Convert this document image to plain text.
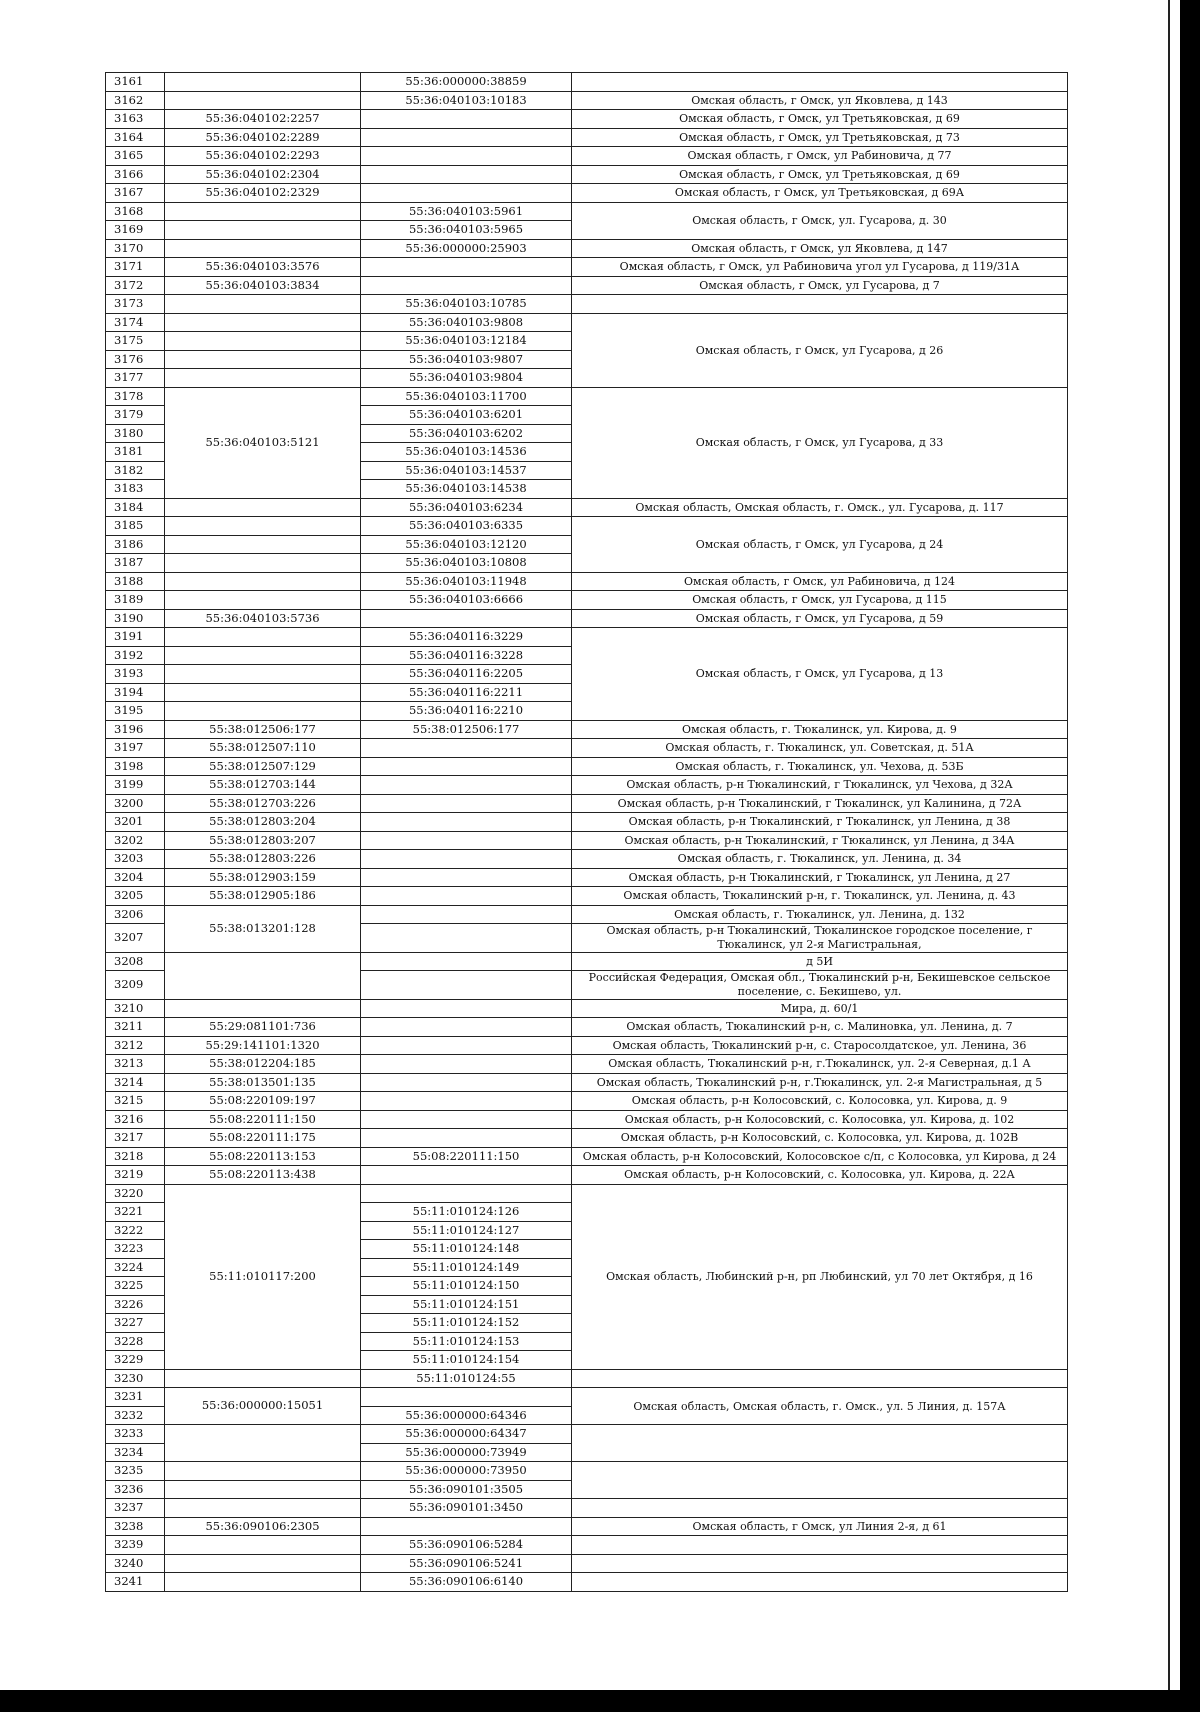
3161		55:36:000000:38859	
3162		55:36:040103:10183	Омская область, г Омск, ул Яковлева, д 143
3163	55:36:040102:2257		Омская область, г Омск, ул Третьяковская, д 69
3164	55:36:040102:2289		Омская область, г Омск, ул Третьяковская, д 73
3165	55:36:040102:2293		Омская область, г Омск, ул Рабиновича, д 77
3166	55:36:040102:2304		Омская область, г Омск, ул Третьяковская, д 69
3167	55:36:040102:2329		Омская область, г Омск, ул Третьяковская, д 69А
3168		55:36:040103:5961	Омская область, г Омск, ул. Гусарова, д. 30
3169		55:36:040103:5965	
3170		55:36:000000:25903	Омская область, г Омск, ул Яковлева, д 147
3171	55:36:040103:3576		Омская область, г Омск, ул Рабиновича угол ул Гусарова, д 119/31А
3172	55:36:040103:3834		Омская область, г Омск, ул Гусарова, д 7
3173		55:36:040103:10785	
3174		55:36:040103:9808	Омская область, г Омск, ул Гусарова, д 26
3175		55:36:040103:12184	
3176		55:36:040103:9807	
3177		55:36:040103:9804	
3178	55:36:040103:5121	55:36:040103:11700	Омская область, г Омск, ул Гусарова, д 33
3179		55:36:040103:6201	
3180		55:36:040103:6202	
3181		55:36:040103:14536	
3182		55:36:040103:14537	
3183		55:36:040103:14538	
3184		55:36:040103:6234	Омская область, Омская область, г. Омск., ул. Гусарова, д. 117
3185		55:36:040103:6335	Омская область, г Омск, ул Гусарова, д 24
3186		55:36:040103:12120	
3187		55:36:040103:10808	
3188		55:36:040103:11948	Омская область, г Омск, ул Рабиновича, д 124
3189		55:36:040103:6666	Омская область, г Омск, ул Гусарова, д 115
3190	55:36:040103:5736		Омская область, г Омск, ул Гусарова, д 59
3191		55:36:040116:3229	Омская область, г Омск, ул Гусарова, д 13
3192		55:36:040116:3228	
3193		55:36:040116:2205	
3194		55:36:040116:2211	
3195		55:36:040116:2210	
3196	55:38:012506:177	55:38:012506:177	Омская область, г. Тюкалинск, ул. Кирова, д. 9
3197	55:38:012507:110		Омская область, г. Тюкалинск, ул. Советская, д. 51А
3198	55:38:012507:129		Омская область, г. Тюкалинск, ул. Чехова, д. 53Б
3199	55:38:012703:144		Омская область, р-н Тюкалинский, г Тюкалинск, ул Чехова, д 32А
3200	55:38:012703:226		Омская область, р-н Тюкалинский, г Тюкалинск, ул Калинина, д 72А
3201	55:38:012803:204		Омская область, р-н Тюкалинский, г Тюкалинск, ул Ленина, д 38
3202	55:38:012803:207		Омская область, р-н Тюкалинский, г Тюкалинск, ул Ленина, д 34А
3203	55:38:012803:226		Омская область, г. Тюкалинск, ул. Ленина, д. 34
3204	55:38:012903:159		Омская область, р-н Тюкалинский, г Тюкалинск, ул Ленина, д 27
3205	55:38:012905:186		Омская область, Тюкалинский р-н, г. Тюкалинск, ул. Ленина, д. 43
3206	55:38:013201:128		Омская область, г. Тюкалинск, ул. Ленина, д. 132
3207			Омская область, р-н Тюкалинский, Тюкалинское городское поселение, г Тюкалинск, ул 2-я Магистральная,
3208			д 5И
3209			Российская Федерация, Омская обл., Тюкалинский р-н, Бекишевское сельское поселение, с. Бекишево, ул.
3210			Мира, д. 60/1
3211	55:29:081101:736		Омская область, Тюкалинский р-н, с. Малиновка, ул. Ленина, д. 7
3212	55:29:141101:1320		Омская область, Тюкалинский р-н, с. Старосолдатское, ул. Ленина, 36
3213	55:38:012204:185		Омская область, Тюкалинский р-н, г.Тюкалинск, ул. 2-я Северная, д.1 А
3214	55:38:013501:135		Омская область, Тюкалинский р-н, г.Тюкалинск, ул. 2-я Магистральная, д 5
3215	55:08:220109:197		Омская область, р-н Колосовский, с. Колосовка, ул. Кирова, д. 9
3216	55:08:220111:150		Омская область, р-н Колосовский, с. Колосовка, ул. Кирова, д. 102
3217	55:08:220111:175		Омская область, р-н Колосовский, с. Колосовка, ул. Кирова, д. 102В
3218	55:08:220113:153	55:08:220111:150	Омская область, р-н Колосовский, Колосовское с/п, с Колосовка, ул Кирова, д 24
3219	55:08:220113:438		Омская область, р-н Колосовский, с. Колосовка, ул. Кирова, д. 22А
3220	55:11:010117:200		Омская область, Любинский р-н, рп Любинский, ул 70 лет Октября, д 16
3221		55:11:010124:126	
3222		55:11:010124:127	
3223		55:11:010124:148	
3224		55:11:010124:149	
3225		55:11:010124:150	
3226		55:11:010124:151	
3227		55:11:010124:152	
3228		55:11:010124:153	
3229		55:11:010124:154	
3230		55:11:010124:55	
3231	55:36:000000:15051		Омская область, Омская область, г. Омск., ул. 5 Линия, д. 157А
3232		55:36:000000:64346	
3233		55:36:000000:64347	
3234		55:36:000000:73949	
3235		55:36:000000:73950	
3236		55:36:090101:3505	
3237		55:36:090101:3450	
3238	55:36:090106:2305		Омская область, г Омск, ул Линия 2-я, д 61
3239		55:36:090106:5284	
3240		55:36:090106:5241	
3241		55:36:090106:6140	
